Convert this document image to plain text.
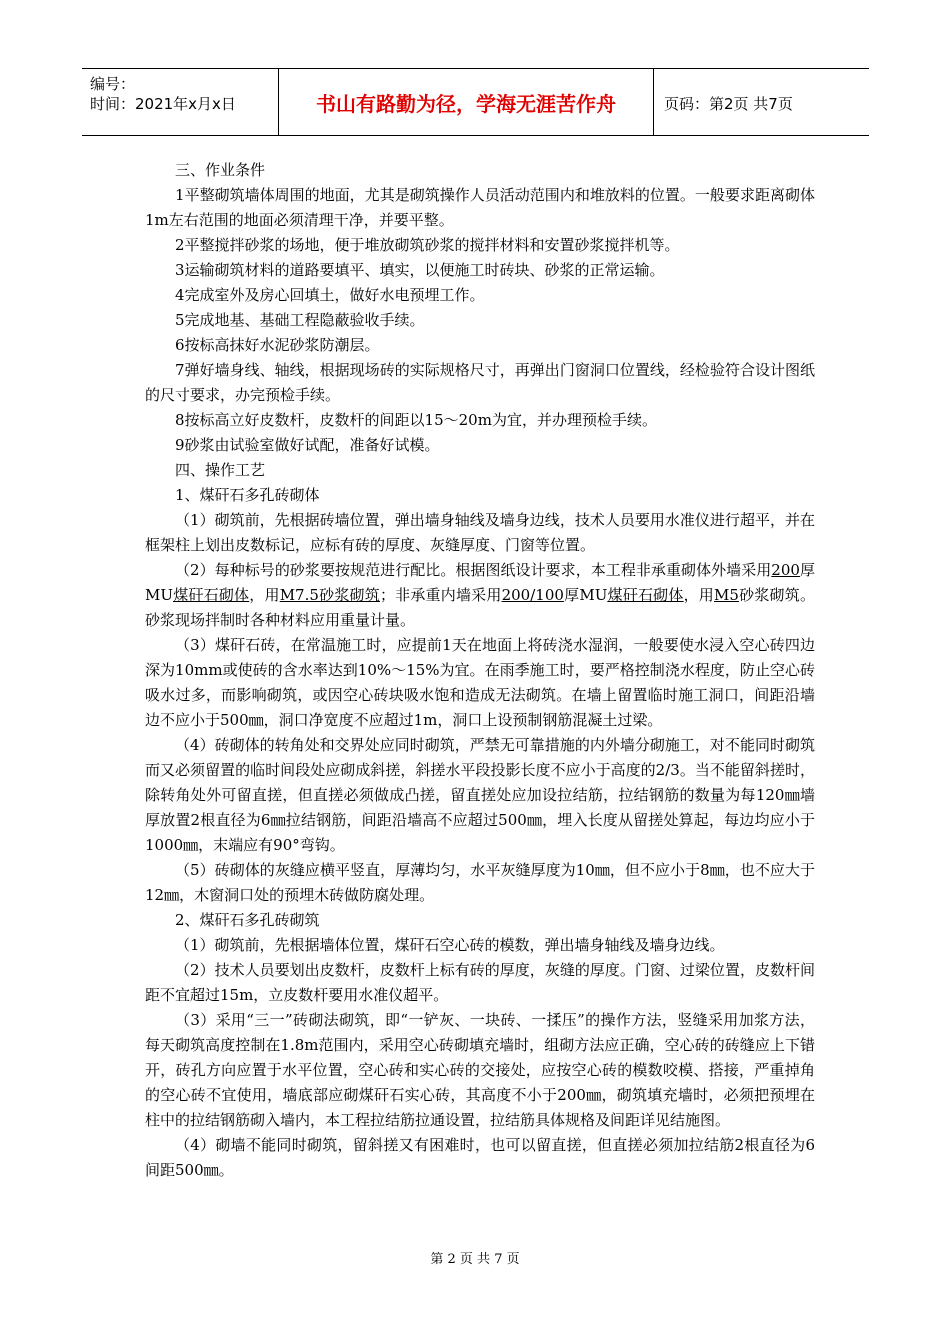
编号：
时间：2021年x月x日	书山有路勤为径，学海无涯苦作舟	页码：第2页 共7页

三、作业条件

1平整砌筑墙体周围的地面，尤其是砌筑操作人员活动范围内和堆放料的位置。一般要求距离砌体1m左右范围的地面必须清理干净，并要平整。

2平整搅拌砂浆的场地，便于堆放砌筑砂浆的搅拌材料和安置砂浆搅拌机等。

3运输砌筑材料的道路要填平、填实，以便施工时砖块、砂浆的正常运输。

4完成室外及房心回填土，做好水电预埋工作。

5完成地基、基础工程隐蔽验收手续。

6按标高抹好水泥砂浆防潮层。

7弹好墙身线、轴线，根据现场砖的实际规格尺寸，再弹出门窗洞口位置线，经检验符合设计图纸的尺寸要求，办完预检手续。

8按标高立好皮数杆，皮数杆的间距以15～20m为宜，并办理预检手续。

9砂浆由试验室做好试配，准备好试模。

四、操作工艺

1、煤矸石多孔砖砌体

（1）砌筑前，先根据砖墙位置，弹出墙身轴线及墙身边线，技术人员要用水准仪进行超平，并在框架柱上划出皮数标记，应标有砖的厚度、灰缝厚度、门窗等位置。

（2）每种标号的砂浆要按规范进行配比。根据图纸设计要求，本工程非承重砌体外墙采用200厚MU煤矸石砌体，用M7.5砂浆砌筑；非承重内墙采用200/100厚MU煤矸石砌体，用M5砂浆砌筑。砂浆现场拌制时各种材料应用重量计量。

（3）煤矸石砖，在常温施工时，应提前1天在地面上将砖浇水湿润，一般要使水浸入空心砖四边深为10mm或使砖的含水率达到10%～15%为宜。在雨季施工时，要严格控制浇水程度，防止空心砖吸水过多，而影响砌筑，或因空心砖块吸水饱和造成无法砌筑。在墙上留置临时施工洞口，间距沿墙边不应小于500㎜，洞口净宽度不应超过1m，洞口上设预制钢筋混凝土过梁。

（4）砖砌体的转角处和交界处应同时砌筑，严禁无可靠措施的内外墙分砌施工，对不能同时砌筑而又必须留置的临时间段处应砌成斜搓，斜搓水平段投影长度不应小于高度的2/3。当不能留斜搓时，除转角处外可留直搓，但直搓必须做成凸搓，留直搓处应加设拉结筋，拉结钢筋的数量为每120㎜墙厚放置2根直径为6㎜拉结钢筋，间距沿墙高不应超过500㎜，埋入长度从留搓处算起，每边均应小于1000㎜，末端应有90°弯钩。

（5）砖砌体的灰缝应横平竖直，厚薄均匀，水平灰缝厚度为10㎜，但不应小于8㎜，也不应大于12㎜，木窗洞口处的预埋木砖做防腐处理。

2、煤矸石多孔砖砌筑

（1）砌筑前，先根据墙体位置，煤矸石空心砖的模数，弹出墙身轴线及墙身边线。

（2）技术人员要划出皮数杆，皮数杆上标有砖的厚度，灰缝的厚度。门窗、过梁位置，皮数杆间距不宜超过15m，立皮数杆要用水准仪超平。

（3）采用“三一”砖砌法砌筑，即“一铲灰、一块砖、一揉压”的操作方法，竖缝采用加浆方法，每天砌筑高度控制在1.8m范围内，采用空心砖砌填充墙时，组砌方法应正确，空心砖的砖缝应上下错开，砖孔方向应置于水平位置，空心砖和实心砖的交接处，应按空心砖的模数咬模、搭接，严重掉角的空心砖不宜使用，墙底部应砌煤矸石实心砖，其高度不小于200㎜，砌筑填充墙时，必须把预埋在柱中的拉结钢筋砌入墙内，本工程拉结筋拉通设置，拉结筋具体规格及间距详见结施图。

（4）砌墙不能同时砌筑，留斜搓又有困难时，也可以留直搓，但直搓必须加拉结筋2根直径为6间距500㎜。

第 2 页 共 7 页
